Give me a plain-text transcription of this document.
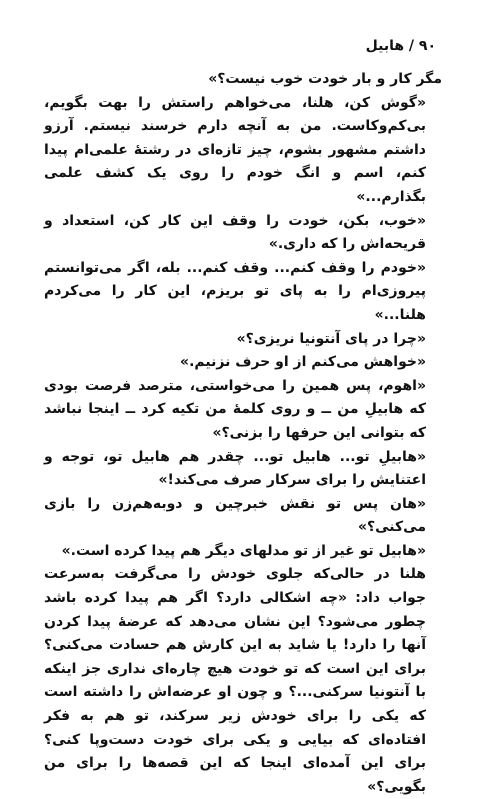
۹۰ / هابیل

مگر کار و بار خودت خوب نیست؟»

«گوش کن، هلنا، می‌خواهم راستش را بهت بگویم، بی‌کم‌وکاست. من به آنچه دارم خرسند نیستم. آرزو داشتم مشهور بشوم، چیز تازه‌ای در رشتهٔ علمی‌ام پیدا کنم، اسم و انگ خودم را روی یک کشف علمی بگذارم...»

«خوب، بکن، خودت را وقف این کار کن، استعداد و قریحه‌اش را که داری.»

«خودم را وقف کنم... وقف کنم... بله، اگر می‌توانستم پیروزی‌ام را به پای تو بریزم، این کار را می‌کردم هلنا...»

«چرا در پای آنتونیا نریزی؟»

«خواهش می‌کنم از او حرف نزنیم.»

«اهوم، پس همین را می‌خواستی، مترصد فرصت بودی که هابیلِ من ــ و روی کلمهٔ من تکیه کرد ــ اینجا نباشد که بتوانی این حرفها را بزنی؟»

«هابیلِ تو... هابیل تو... چقدر هم هابیل تو، توجه و اعتنایش را برای سرکار صرف می‌کند!»

«هان پس تو نقش خبرچین و دوبه‌هم‌زن را بازی می‌کنی؟»

«هابیل تو غیر از تو مدلهای دیگر هم پیدا کرده است.»

هلنا در حالی‌که جلوی خودش را می‌گرفت به‌سرعت جواب داد: «چه اشکالی دارد؟ اگر هم پیدا کرده باشد چطور می‌شود؟ این نشان می‌دهد که عرضهٔ پیدا کردن آنها را دارد! یا شاید به این کارش هم حسادت می‌کنی؟ برای این است که تو خودت هیچ چاره‌ای نداری جز اینکه با آنتونیا سرکنی...؟ و چون او عرضه‌اش را داشته است که یکی را برای خودش زیر سرکند، تو هم به فکر افتاده‌ای که بیایی و یکی برای خودت دست‌وپا کنی؟ برای این آمده‌ای اینجا که این قصه‌ها را برای من بگویی؟»
